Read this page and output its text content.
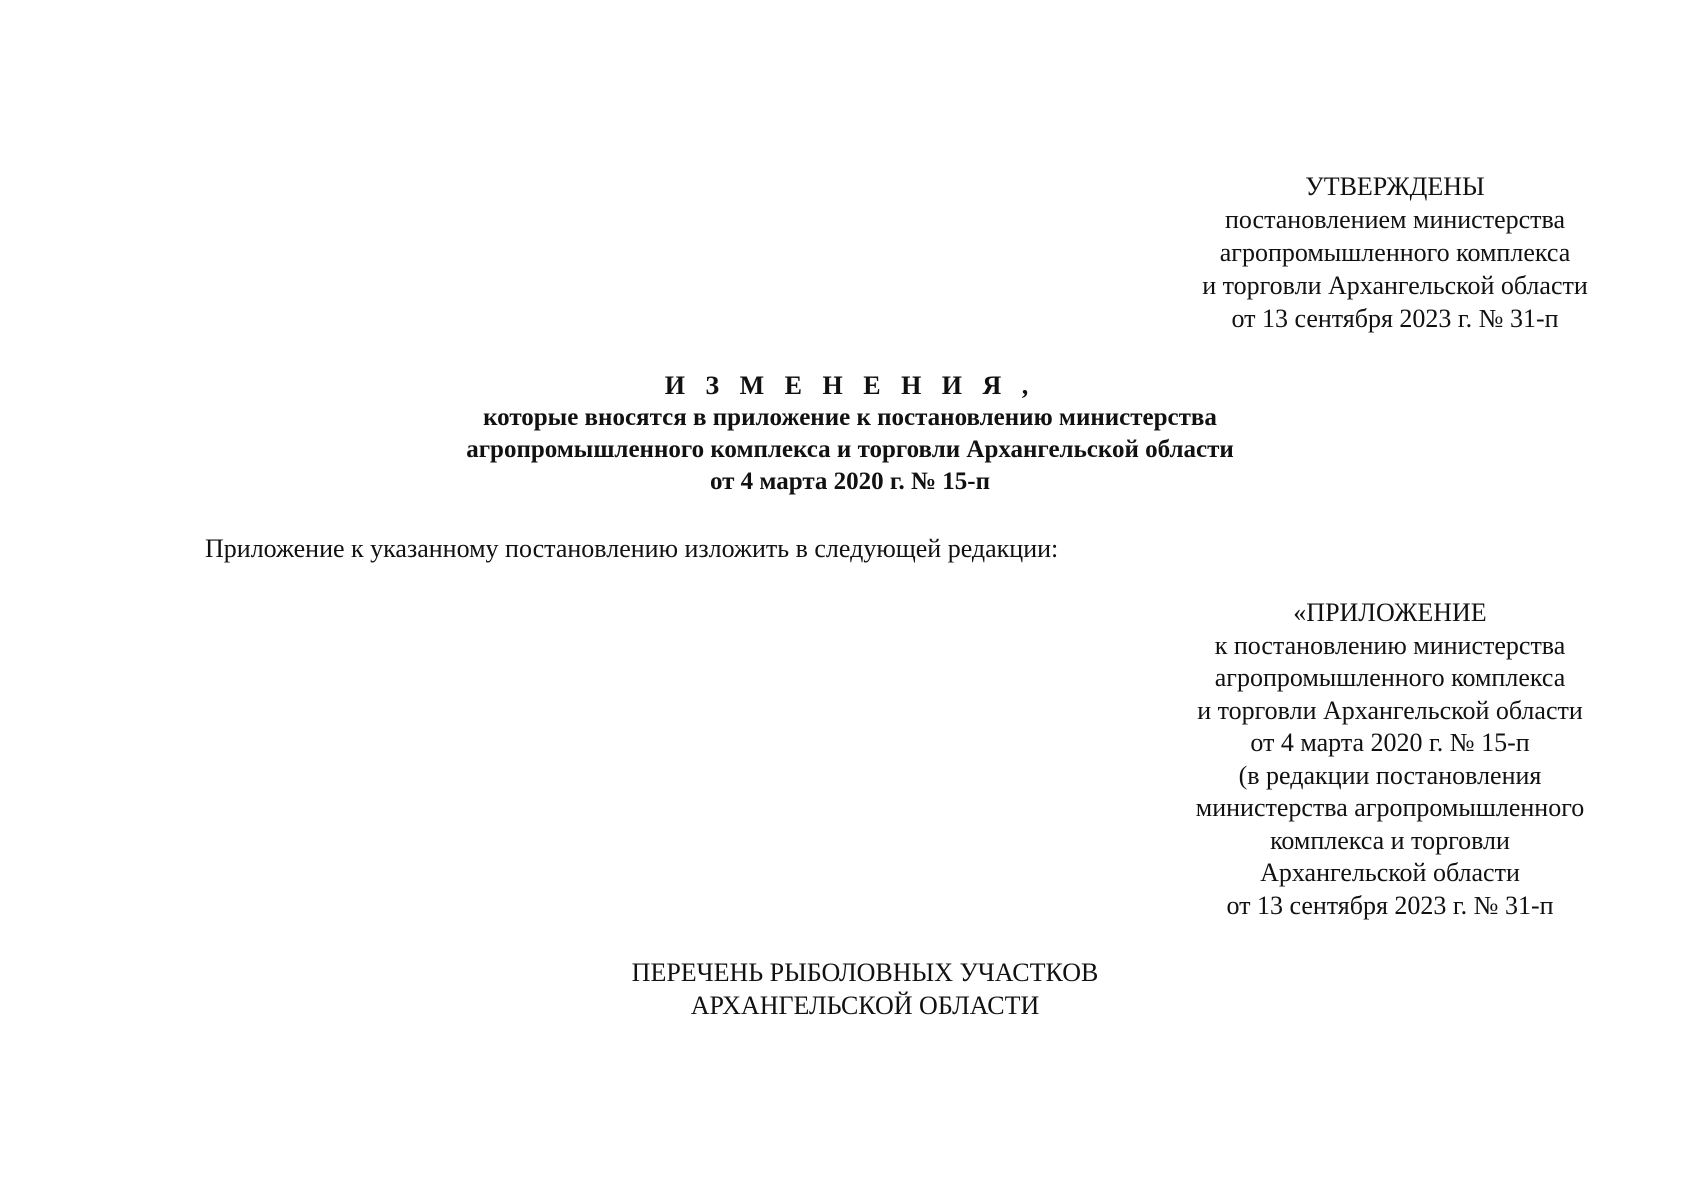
УТВЕРЖДЕНЫ
постановлением министерства
агропромышленного комплекса
и торговли Архангельской области
от 13 сентября 2023 г. № 31-п
И З М Е Н Е Н И Я ,
которые вносятся в приложение к постановлению министерства
агропромышленного комплекса и торговли Архангельской области
от 4 марта 2020 г. № 15-п
Приложение к указанному постановлению изложить в следующей редакции:
«ПРИЛОЖЕНИЕ
к постановлению министерства
агропромышленного комплекса
и торговли Архангельской области
от 4 марта 2020 г. № 15-п
(в редакции постановления
министерства агропромышленного
комплекса и торговли
Архангельской области
от 13 сентября 2023 г. № 31-п
ПЕРЕЧЕНЬ РЫБОЛОВНЫХ УЧАСТКОВ
АРХАНГЕЛЬСКОЙ ОБЛАСТИ
